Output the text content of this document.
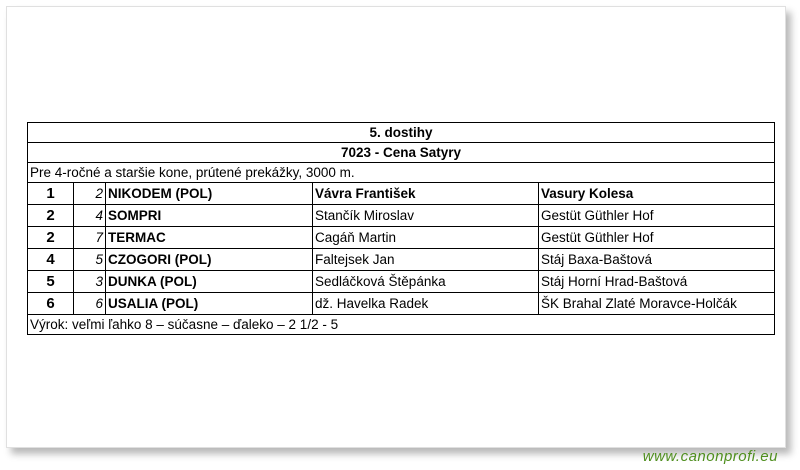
5. dostihy				
7023 - Cena Satyry				
Pre 4-ročné a staršie kone, prútené prekážky, 3000 m.				
1	2	NIKODEM (POL)	Vávra František	Vasury Kolesa
2	4	SOMPRI	Stančík Miroslav	Gestüt Güthler Hof
2	7	TERMAC	Cagáň Martin	Gestüt Güthler Hof
4	5	CZOGORI (POL)	Faltejsek Jan	Stáj Baxa-Baštová
5	3	DUNKA (POL)	Sedláčková Štěpánka	Stáj Horní Hrad-Baštová
6	6	USALIA (POL)	dž. Havelka Radek	ŠK Brahal Zlaté Moravce-Holčák
Výrok: veľmi ľahko 8 – súčasne – ďaleko – 2 1/2 - 5				
www.canonprofi.eu
